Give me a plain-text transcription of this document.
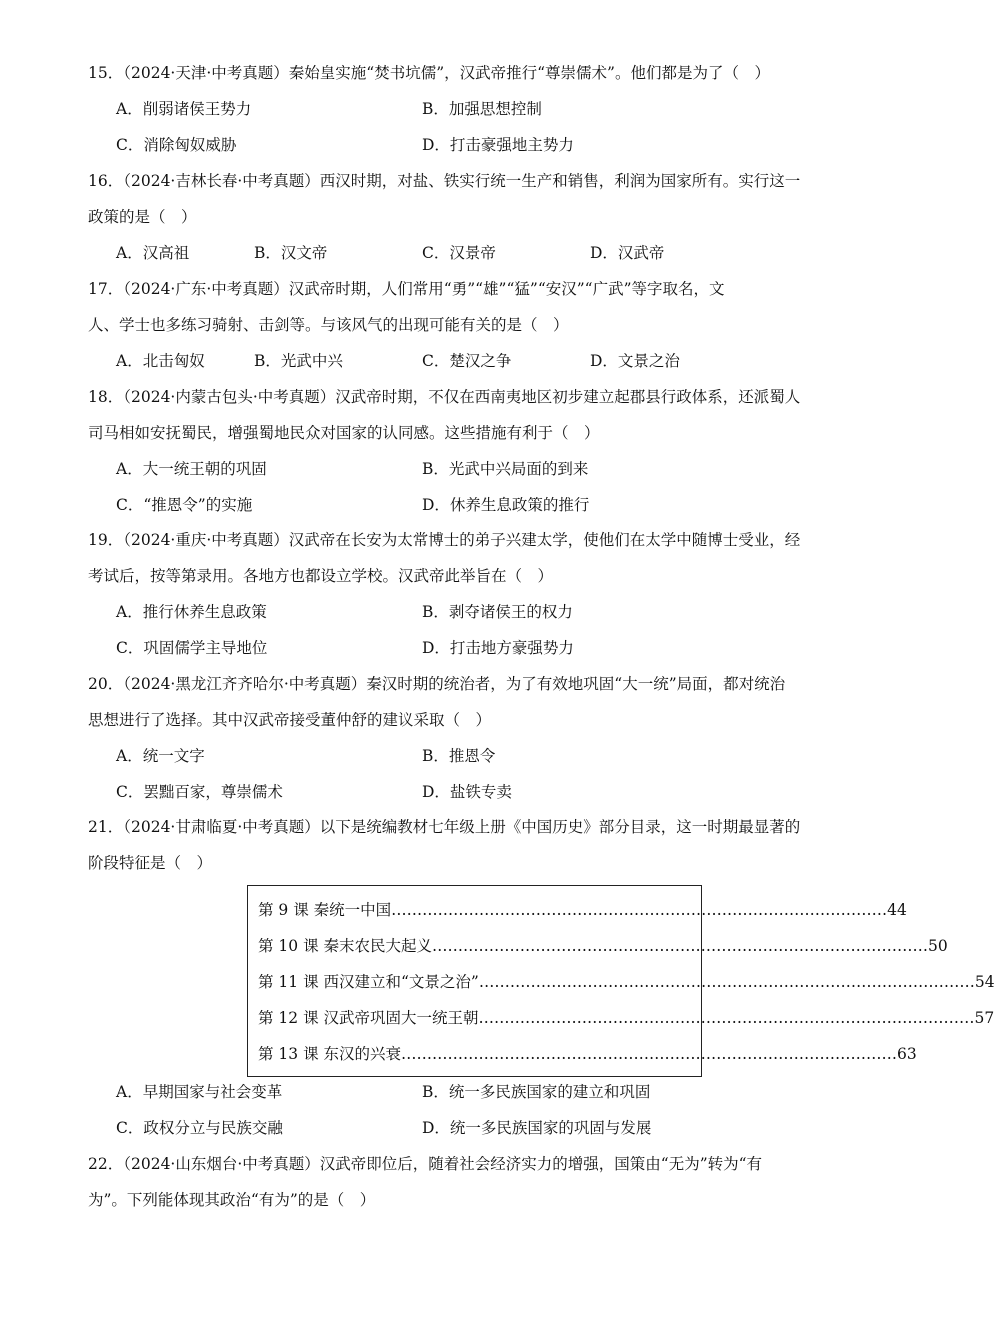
15．（2024·天津·中考真题）秦始皇实施“焚书坑儒”，汉武帝推行“尊崇儒术”。他们都是为了（　）
A．削弱诸侯王势力	B．加强思想控制
C．消除匈奴威胁	D．打击豪强地主势力
16．（2024·吉林长春·中考真题）西汉时期，对盐、铁实行统一生产和销售，利润为国家所有。实行这一
政策的是（　）
A．汉高祖	B．汉文帝	C．汉景帝	D．汉武帝
17．（2024·广东·中考真题）汉武帝时期，人们常用“勇”“雄”“猛”“安汉”“广武”等字取名，文
人、学士也多练习骑射、击剑等。与该风气的出现可能有关的是（　）
A．北击匈奴	B．光武中兴	C．楚汉之争	D．文景之治
18．（2024·内蒙古包头·中考真题）汉武帝时期，不仅在西南夷地区初步建立起郡县行政体系，还派蜀人
司马相如安抚蜀民，增强蜀地民众对国家的认同感。这些措施有利于（　）
A．大一统王朝的巩固	B．光武中兴局面的到来
C．“推恩令”的实施	D．休养生息政策的推行
19．（2024·重庆·中考真题）汉武帝在长安为太常博士的弟子兴建太学，使他们在太学中随博士受业，经
考试后，按等第录用。各地方也都设立学校。汉武帝此举旨在（　）
A．推行休养生息政策	B．剥夺诸侯王的权力
C．巩固儒学主导地位	D．打击地方豪强势力
20．（2024·黑龙江齐齐哈尔·中考真题）秦汉时期的统治者，为了有效地巩固“大一统”局面，都对统治
思想进行了选择。其中汉武帝接受董仲舒的建议采取（　）
A．统一文字	B．推恩令
C．罢黜百家，尊崇儒术	D．盐铁专卖
21．（2024·甘肃临夏·中考真题）以下是统编教材七年级上册《中国历史》部分目录，这一时期最显著的
阶段特征是（　）
第 9 课 秦统一中国 …………………………………………………………………………………… 44
第 10 课 秦末农民大起义 …………………………………………………………………………………… 50
第 11 课 西汉建立和“文景之治” …………………………………………………………………………………… 54
第 12 课 汉武帝巩固大一统王朝 …………………………………………………………………………………… 57
第 13 课 东汉的兴衰 …………………………………………………………………………………… 63
A．早期国家与社会变革	B．统一多民族国家的建立和巩固
C．政权分立与民族交融	D．统一多民族国家的巩固与发展
22．（2024·山东烟台·中考真题）汉武帝即位后，随着社会经济实力的增强，国策由“无为”转为“有
为”。下列能体现其政治“有为”的是（　）
